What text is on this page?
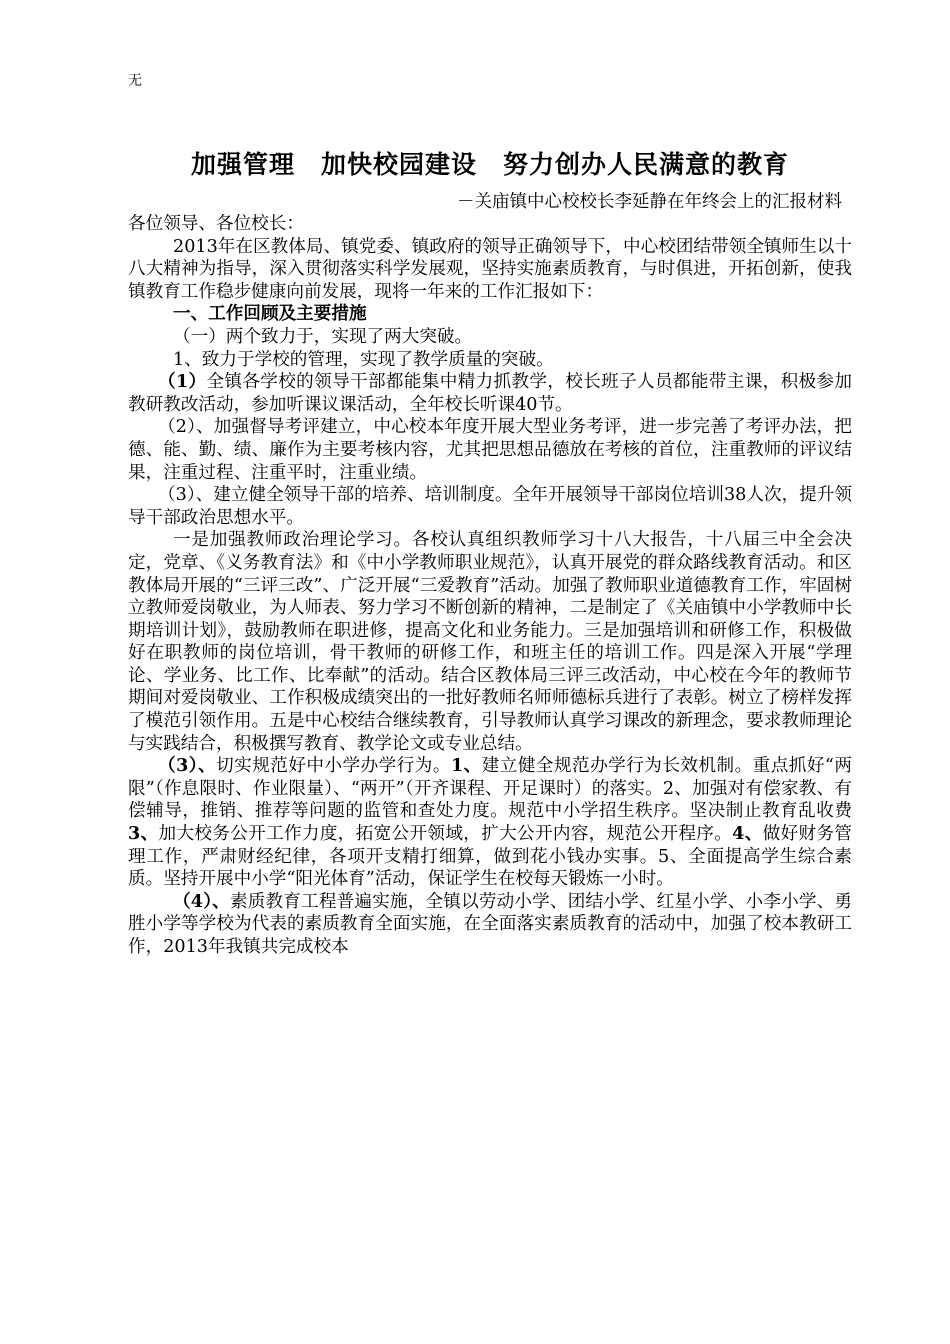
无
加强管理　加快校园建设　努力创办人民满意的教育

－关庙镇中心校校长李延静在年终会上的汇报材料

各位领导、各位校长：

2013年在区教体局、镇党委、镇政府的领导正确领导下，中心校团结带领全镇师生以十八大精神为指导，深入贯彻落实科学发展观，坚持实施素质教育，与时俱进，开拓创新，使我镇教育工作稳步健康向前发展，现将一年来的工作汇报如下：

一、工作回顾及主要措施

（一）两个致力于，实现了两大突破。

1、致力于学校的管理，实现了教学质量的突破。

（1）全镇各学校的领导干部都能集中精力抓教学，校长班子人员都能带主课，积极参加教研教改活动，参加听课议课活动，全年校长听课40节。

（2）、加强督导考评建立，中心校本年度开展大型业务考评，进一步完善了考评办法，把德、能、勤、绩、廉作为主要考核内容，尤其把思想品德放在考核的首位，注重教师的评议结果，注重过程、注重平时，注重业绩。

（3）、建立健全领导干部的培养、培训制度。全年开展领导干部岗位培训38人次，提升领导干部政治思想水平。

一是加强教师政治理论学习。各校认真组织教师学习十八大报告，十八届三中全会决定，党章、《义务教育法》和《中小学教师职业规范》，认真开展党的群众路线教育活动。和区教体局开展的“三评三改”、广泛开展“三爱教育”活动。加强了教师职业道德教育工作，牢固树立教师爱岗敬业，为人师表、努力学习不断创新的精神，二是制定了《关庙镇中小学教师中长期培训计划》，鼓励教师在职进修，提高文化和业务能力。三是加强培训和研修工作，积极做好在职教师的岗位培训，骨干教师的研修工作，和班主任的培训工作。四是深入开展“学理论、学业务、比工作、比奉献”的活动。结合区教体局三评三改活动，中心校在今年的教师节期间对爱岗敬业、工作积极成绩突出的一批好教师名师师德标兵进行了表彰。树立了榜样发挥了模范引领作用。五是中心校结合继续教育，引导教师认真学习课改的新理念，要求教师理论与实践结合，积极撰写教育、教学论文或专业总结。

（3）、切实规范好中小学办学行为。1、建立健全规范办学行为长效机制。重点抓好“两限”（作息限时、作业限量）、“两开”（开齐课程、开足课时）的落实。2、加强对有偿家教、有偿辅导，推销、推荐等问题的监管和查处力度。规范中小学招生秩序。坚决制止教育乱收费3、加大校务公开工作力度，拓宽公开领域，扩大公开内容，规范公开程序。4、做好财务管理工作，严肃财经纪律，各项开支精打细算，做到花小钱办实事。5、全面提高学生综合素质。坚持开展中小学“阳光体育”活动，保证学生在校每天锻炼一小时。

（4）、素质教育工程普遍实施，全镇以劳动小学、团结小学、红星小学、小李小学、勇胜小学等学校为代表的素质教育全面实施，在全面落实素质教育的活动中，加强了校本教研工作，2013年我镇共完成校本
